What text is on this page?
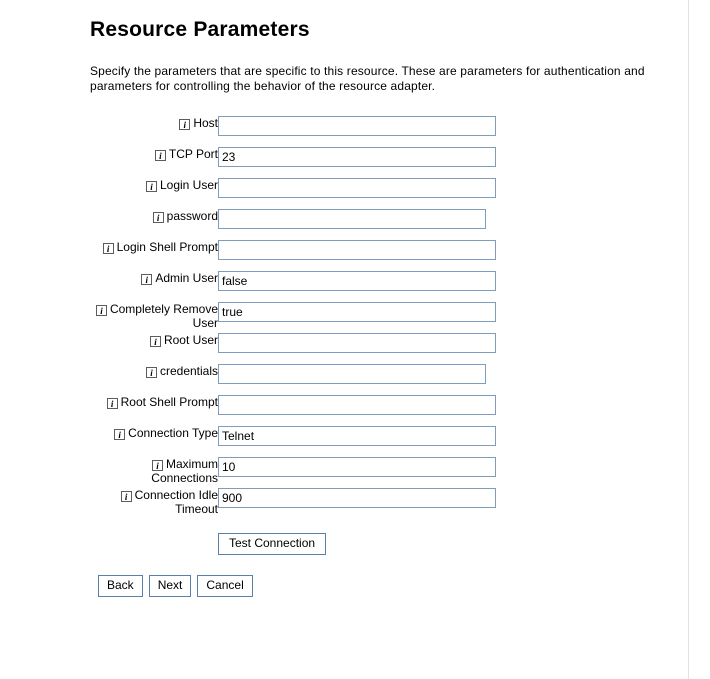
Resource Parameters

Specify the parameters that are specific to this resource. These are parameters for authentication and parameters for controlling the behavior of the resource adapter.

i Host	
i TCP Port	23
i Login User	
i password	
i Login Shell Prompt	
i Admin User	false
i Completely Remove User	true
i Root User	
i credentials	
i Root Shell Prompt	
i Connection Type	Telnet
i Maximum Connections	10
i Connection Idle Timeout	900
	Test Connection
Back	Next	Cancel
